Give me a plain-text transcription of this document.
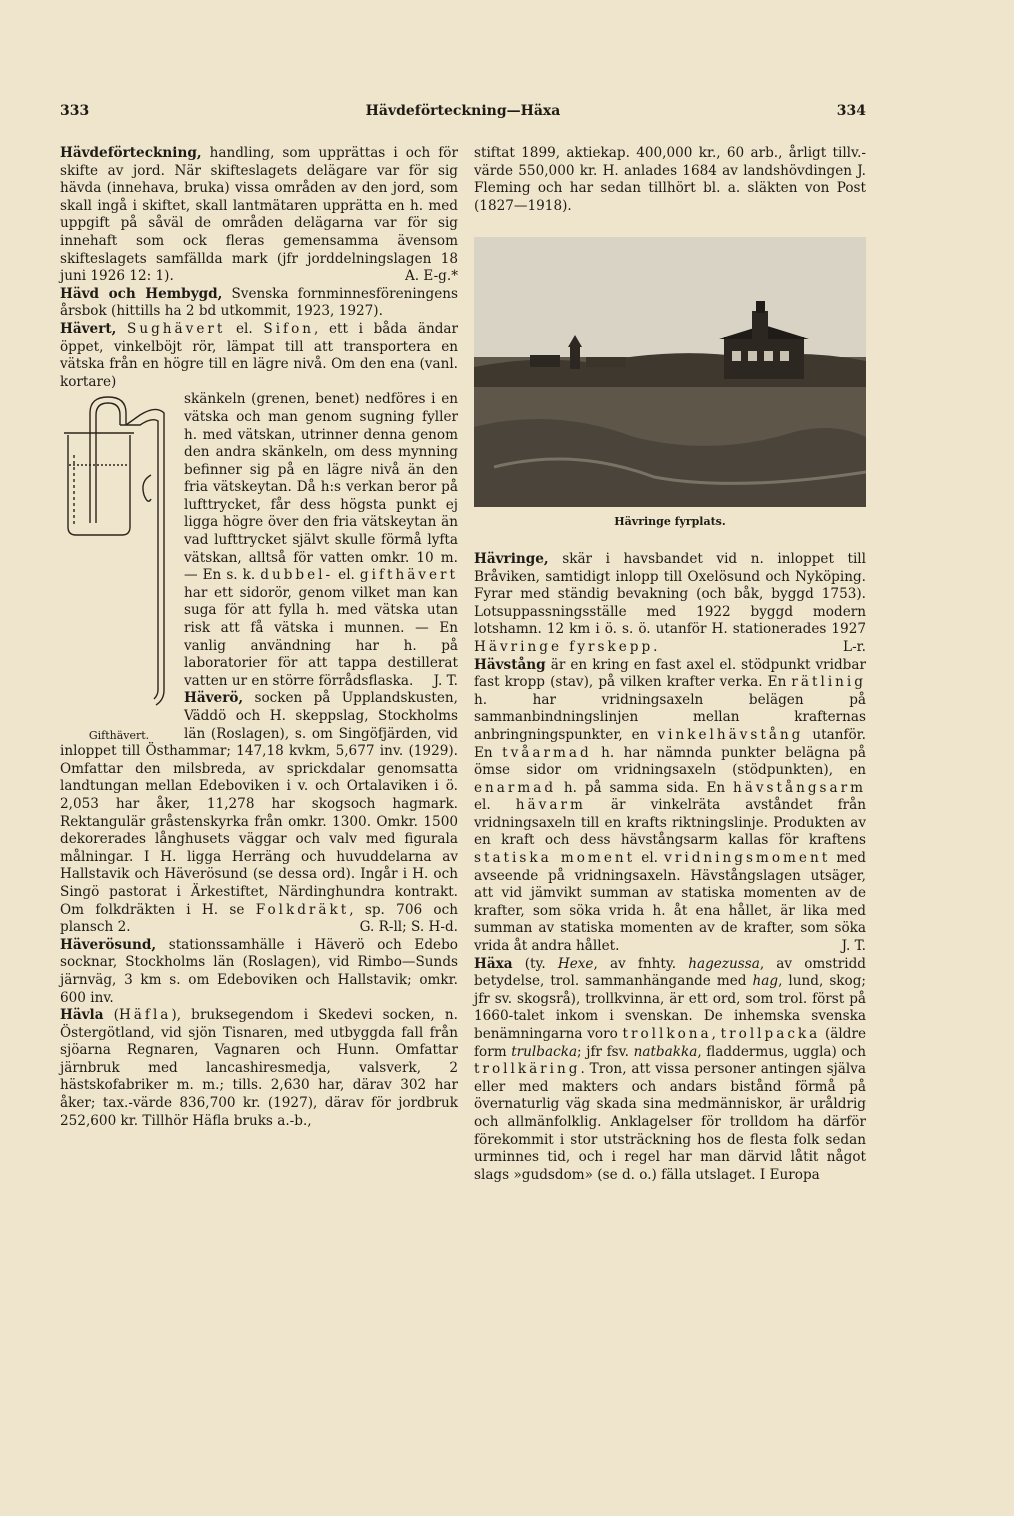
333	Hävdeförteckning—Häxa	334

Hävdeförteckning, handling, som upprättas i och för skifte av jord. När skifteslagets delägare var för sig hävda (innehava, bruka) vissa områden av den jord, som skall ingå i skiftet, skall lantmätaren upprätta en h. med uppgift på såväl de områden delägarna var för sig innehaft som ock fleras gemensamma ävensom skifteslagets samfällda mark (jfr jorddelningslagen 18 juni 1926 12: 1).	A. E-g.*

Hävd och Hembygd, Svenska fornminnesföreningens årsbok (hittills ha 2 bd utkommit, 1923, 1927).

Hävert, Sughävert el. Sifon, ett i båda ändar öppet, vinkelböjt rör, lämpat till att transportera en vätska från en högre till en lägre nivå. Om den ena (vanl. kortare)

Gifthävert.

skänkeln (grenen, benet) nedföres i en vätska och man genom sugning fyller h. med vätskan, utrinner denna genom den andra skänkeln, om dess mynning befinner sig på en lägre nivå än den fria vätskeytan. Då h:s verkan beror på lufttrycket, får dess högsta punkt ej ligga högre över den fria vätskeytan än vad lufttrycket självt skulle förmå lyfta vätskan, alltså för vatten omkr. 10 m. — En s. k. dubbel- el. gifthävert har ett sidorör, genom vilket man kan suga för att fylla h. med vätska utan risk att få vätska i munnen. — En vanlig användning har h. på laboratorier för att tappa destillerat vatten ur en större förrådsflaska. J. T.

Häverö, socken på Upplandskusten, Väddö och H. skeppslag, Stockholms län (Roslagen), s. om Singöfjärden, vid inloppet till Östhammar; 147,18 kvkm, 5,677 inv. (1929). Omfattar den milsbreda, av sprickdalar genomsatta landtungan mellan Edeboviken i v. och Ortalaviken i ö. 2,053 har åker, 11,278 har skogsoch hagmark. Rektangulär gråstenskyrka från omkr. 1300. Omkr. 1500 dekorerades långhusets väggar och valv med figurala målningar. I H. ligga Herräng och huvuddelarna av Hallstavik och Häverösund (se dessa ord). Ingår i H. och Singö pastorat i Ärkestiftet, Närdinghundra kontrakt. Om folkdräkten i H. se Folkdräkt, sp. 706 och plansch 2.	G. R-ll; S. H-d.

Häverösund, stationssamhälle i Häverö och Edebo socknar, Stockholms län (Roslagen), vid Rimbo—Sunds järnväg, 3 km s. om Edeboviken och Hallstavik; omkr. 600 inv.

Hävla (Häfla), bruksegendom i Skedevi socken, n. Östergötland, vid sjön Tisnaren, med utbyggda fall från sjöarna Regnaren, Vagnaren och Hunn. Omfattar järnbruk med lancashiresmedja, valsverk, 2 hästskofabriker m. m.; tills. 2,630 har, därav 302 har åker; tax.-värde 836,700 kr. (1927), därav för jordbruk 252,600 kr. Tillhör Häfla bruks a.-b.,

stiftat 1899, aktiekap. 400,000 kr., 60 arb., årligt tillv.-värde 550,000 kr. H. anlades 1684 av landshövdingen J. Fleming och har sedan tillhört bl. a. släkten von Post (1827—1918).

Hävringe fyrplats.

Hävringe, skär i havsbandet vid n. inloppet till Bråviken, samtidigt inlopp till Oxelösund och Nyköping. Fyrar med ständig bevakning (och båk, byggd 1753). Lotsuppassningsställe med 1922 byggd modern lotshamn. 12 km i ö. s. ö. utanför H. stationerades 1927 Hävringe fyrskepp.	L-r.

Hävstång är en kring en fast axel el. stödpunkt vridbar fast kropp (stav), på vilken krafter verka. En rätlinig h. har vridningsaxeln belägen på sammanbindningslinjen mellan krafternas anbringningspunkter, en vinkelhävstång utanför. En tvåarmad h. har nämnda punkter belägna på ömse sidor om vridningsaxeln (stödpunkten), en enarmad h. på samma sida. En hävstångsarm el. hävarm är vinkelräta avståndet från vridningsaxeln till en krafts riktningslinje. Produkten av en kraft och dess hävstångsarm kallas för kraftens statiska moment el. vridningsmoment med avseende på vridningsaxeln. Hävstångslagen utsäger, att vid jämvikt summan av statiska momenten av de krafter, som söka vrida h. åt ena hållet, är lika med summan av statiska momenten av de krafter, som söka vrida åt andra hållet.	J. T.

Häxa (ty. Hexe, av fnhty. hagezussa, av omstridd betydelse, trol. sammanhängande med hag, lund, skog; jfr sv. skogsrå), trollkvinna, är ett ord, som trol. först på 1660-talet inkom i svenskan. De inhemska svenska benämningarna voro trollkona, trollpacka (äldre form trulbacka; jfr fsv. natbakka, fladdermus, uggla) och trollkäring. Tron, att vissa personer antingen själva eller med makters och andars bistånd förmå på övernaturlig väg skada sina medmänniskor, är uråldrig och allmänfolklig. Anklagelser för trolldom ha därför förekommit i stor utsträckning hos de flesta folk sedan urminnes tid, och i regel har man därvid låtit något slags »gudsdom» (se d. o.) fälla utslaget. I Europa
